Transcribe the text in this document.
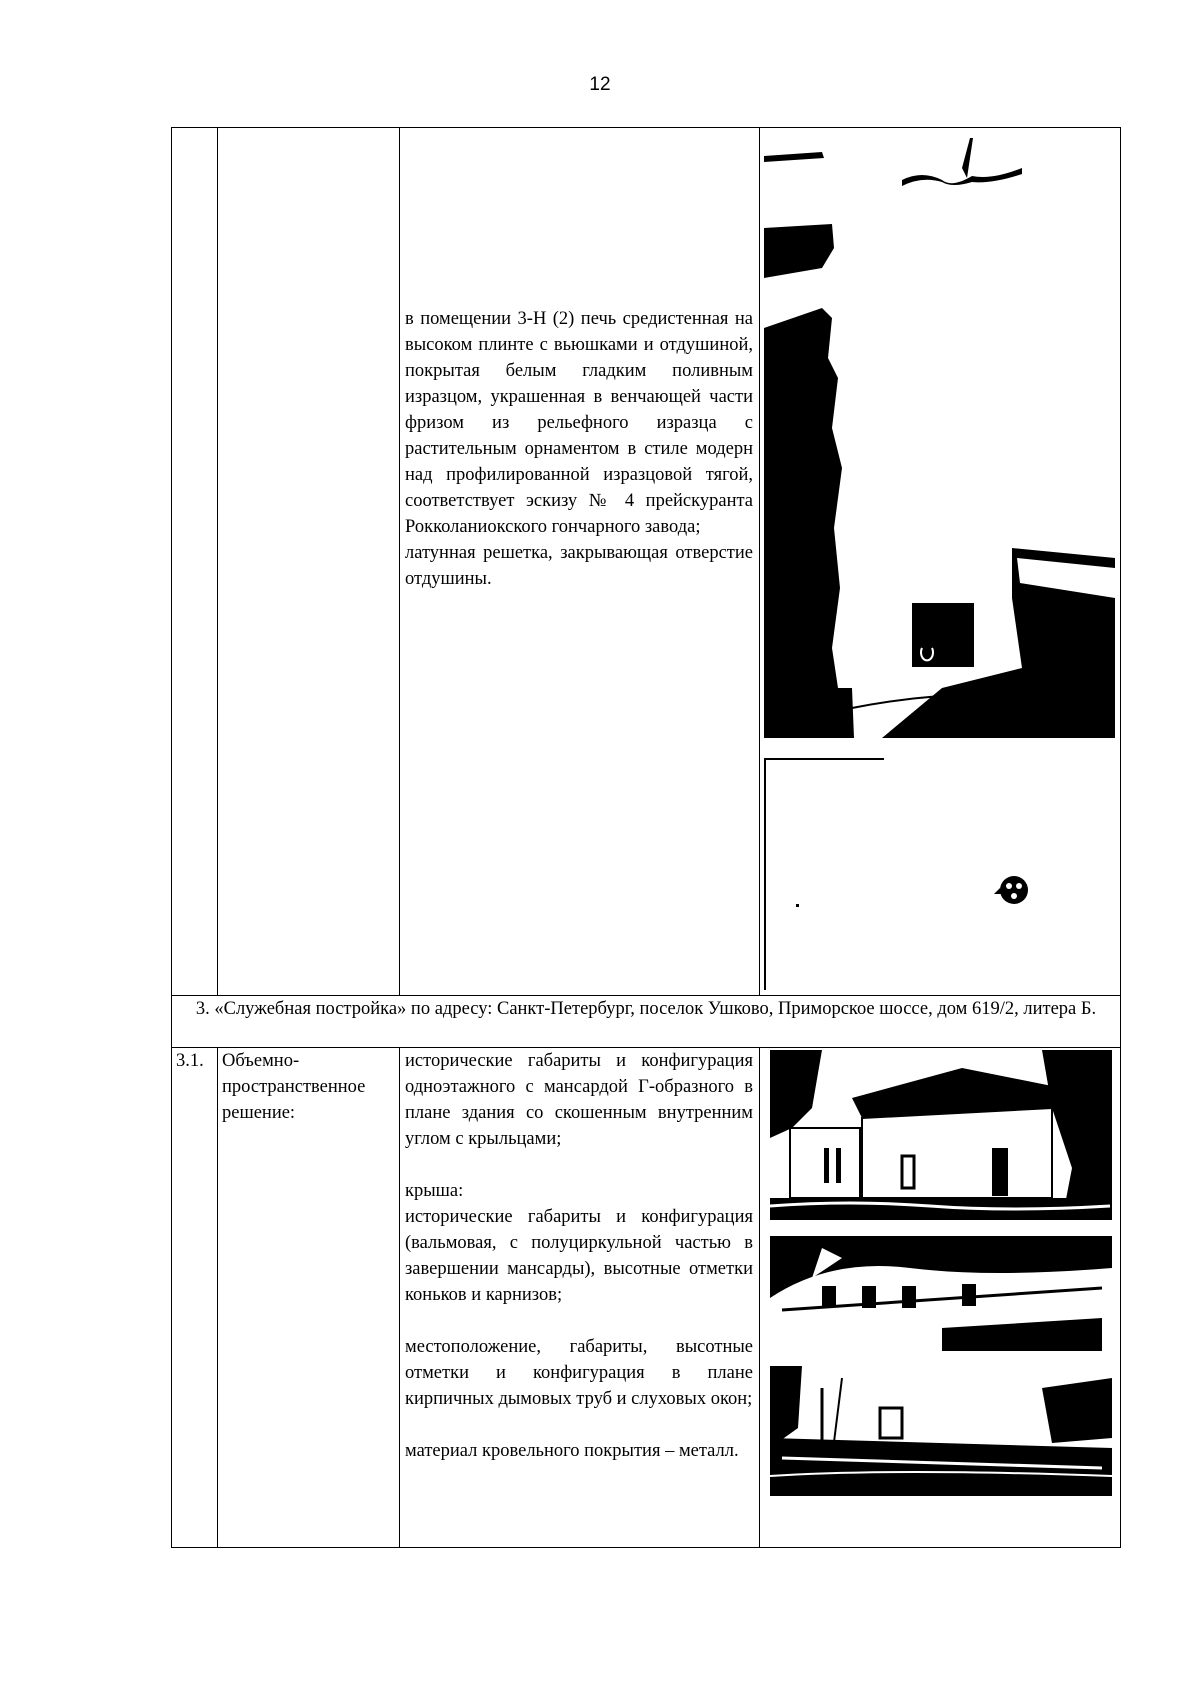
12

		в помещении 3-Н (2) печь средистенная на высоком плинте с вьюшками и отдушиной, покрытая белым гладким поливным изразцом, украшенная в венчающей части фризом из рельефного изразца с растительным орнаментом в стиле модерн над профилированной изразцовой тягой, соответствует эскизу № 4 прейскуранта Рокколаниокского гончарного завода;

латунная решетка, закрывающая отверстие отдушины.

3. «Служебная постройка» по адресу: Санкт-Петербург, поселок Ушково, Приморское шоссе, дом 619/2, литера Б.			
3.1.	Объемно-пространственное решение:	исторические габариты и конфигурация одноэтажного с мансардой Г-образного в плане здания со скошенным внутренним углом с крыльцами;

крыша:

исторические габариты и конфигурация (вальмовая, с полуциркульной частью в завершении мансарды), высотные отметки коньков и карнизов;

местоположение, габариты, высотные отметки и конфигурация в плане кирпичных дымовых труб и слуховых окон;

материал кровельного покрытия – металл.
